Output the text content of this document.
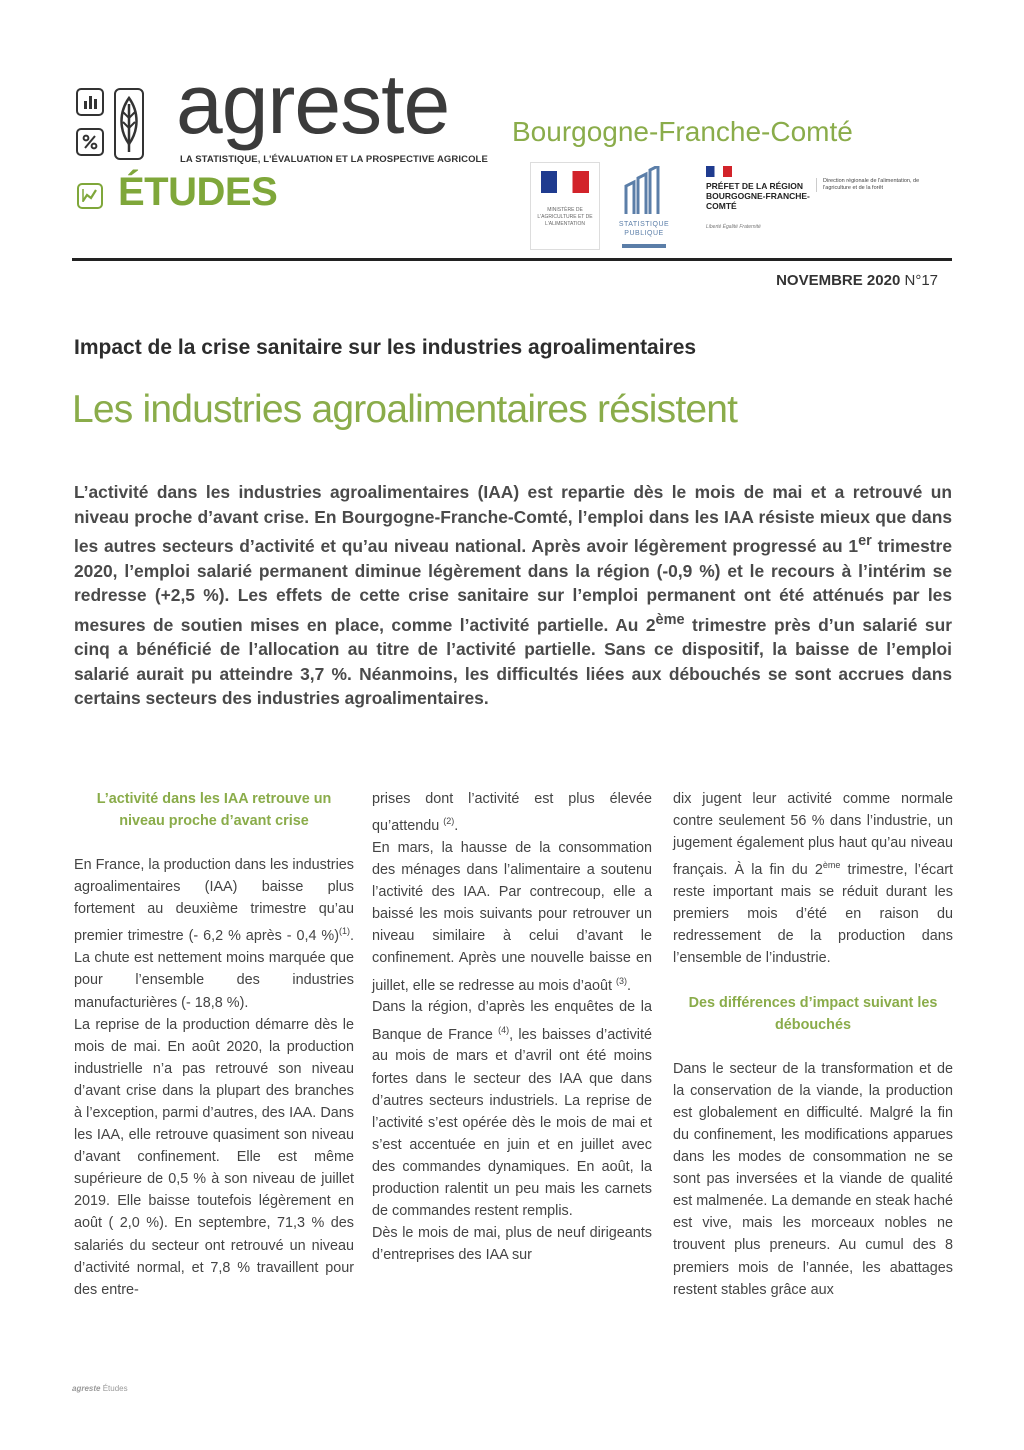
agreste
LA STATISTIQUE, L'ÉVALUATION ET LA PROSPECTIVE AGRICOLE
ÉTUDES
Bourgogne-Franche-Comté
MINISTÈRE DE L'AGRICULTURE ET DE L'ALIMENTATION	STATISTIQUE PUBLIQUE
PRÉFET DE LA RÉGION BOURGOGNE-FRANCHE-COMTÉ
Liberté Égalité Fraternité
Direction régionale de l'alimentation, de l'agriculture et de la forêt
NOVEMBRE 2020 N°17
Impact de la crise sanitaire sur les industries agroalimentaires
Les industries agroalimentaires résistent

L’activité dans les industries agroalimentaires (IAA) est repartie dès le mois de mai et a retrouvé un niveau proche d’avant crise. En Bourgogne-Franche-Comté, l’emploi dans les IAA résiste mieux que dans les autres secteurs d’activité et qu’au niveau national. Après avoir légèrement progressé au 1er trimestre 2020, l’emploi salarié permanent diminue légèrement dans la région (-0,9 %) et le recours à l’intérim se redresse (+2,5 %). Les effets de cette crise sanitaire sur l’emploi permanent ont été atténués par les mesures de soutien mises en place, comme l’activité partielle. Au 2ème trimestre près d’un salarié sur cinq a bénéficié de l’allocation au titre de l’activité partielle. Sans ce dispositif, la baisse de l’emploi salarié aurait pu atteindre 3,7 %. Néanmoins, les difficultés liées aux débouchés se sont accrues dans certains secteurs des industries agroalimentaires.

L’activité dans les IAA retrouve un niveau proche d’avant crise

En France, la production dans les industries agroalimentaires (IAA) baisse plus fortement au deuxième trimestre qu’au premier trimestre (- 6,2 % après - 0,4 %)$^{(1)}$. La chute est nettement moins marquée que pour l’ensemble des industries manufacturières (- 18,8 %).

La reprise de la production démarre dès le mois de mai. En août 2020, la production industrielle n’a pas retrouvé son niveau d’avant crise dans la plupart des branches à l’exception, parmi d’autres, des IAA. Dans les IAA, elle retrouve quasiment son niveau d’avant confinement. Elle est même supérieure de 0,5 % à son niveau de juillet 2019. Elle baisse toutefois légèrement en août ( 2,0 %). En septembre, 71,3 % des salariés du secteur ont retrouvé un niveau d’activité normal, et 7,8 % travaillent pour des entre-

prises dont l’activité est plus élevée qu’attendu $^{(2)}$.

En mars, la hausse de la consommation des ménages dans l’alimentaire a soutenu l’activité des IAA. Par contrecoup, elle a baissé les mois suivants pour retrouver un niveau similaire à celui d’avant le confinement. Après une nouvelle baisse en juillet, elle se redresse au mois d’août $^{(3)}$.

Dans la région, d’après les enquêtes de la Banque de France $^{(4)}$, les baisses d’activité au mois de mars et d’avril ont été moins fortes dans le secteur des IAA que dans d’autres secteurs industriels. La reprise de l’activité s’est opérée dès le mois de mai et s’est accentuée en juin et en juillet avec des commandes dynamiques. En août, la production ralentit un peu mais les carnets de commandes restent remplis.

Dès le mois de mai, plus de neuf dirigeants d’entreprises des IAA sur

dix jugent leur activité comme normale contre seulement 56 % dans l’industrie, un jugement également plus haut qu’au niveau français. À la fin du 2ème trimestre, l’écart reste important mais se réduit durant les premiers mois d’été en raison du redressement de la production dans l’ensemble de l’industrie.

Des différences d’impact suivant les débouchés

Dans le secteur de la transformation et de la conservation de la viande, la production est globalement en difficulté. Malgré la fin du confinement, les modifications apparues dans les modes de consommation ne se sont pas inversées et la viande de qualité est malmenée. La demande en steak haché est vive, mais les morceaux nobles ne trouvent plus preneurs. Au cumul des 8 premiers mois de l’année, les abattages restent stables grâce aux

agreste Études
